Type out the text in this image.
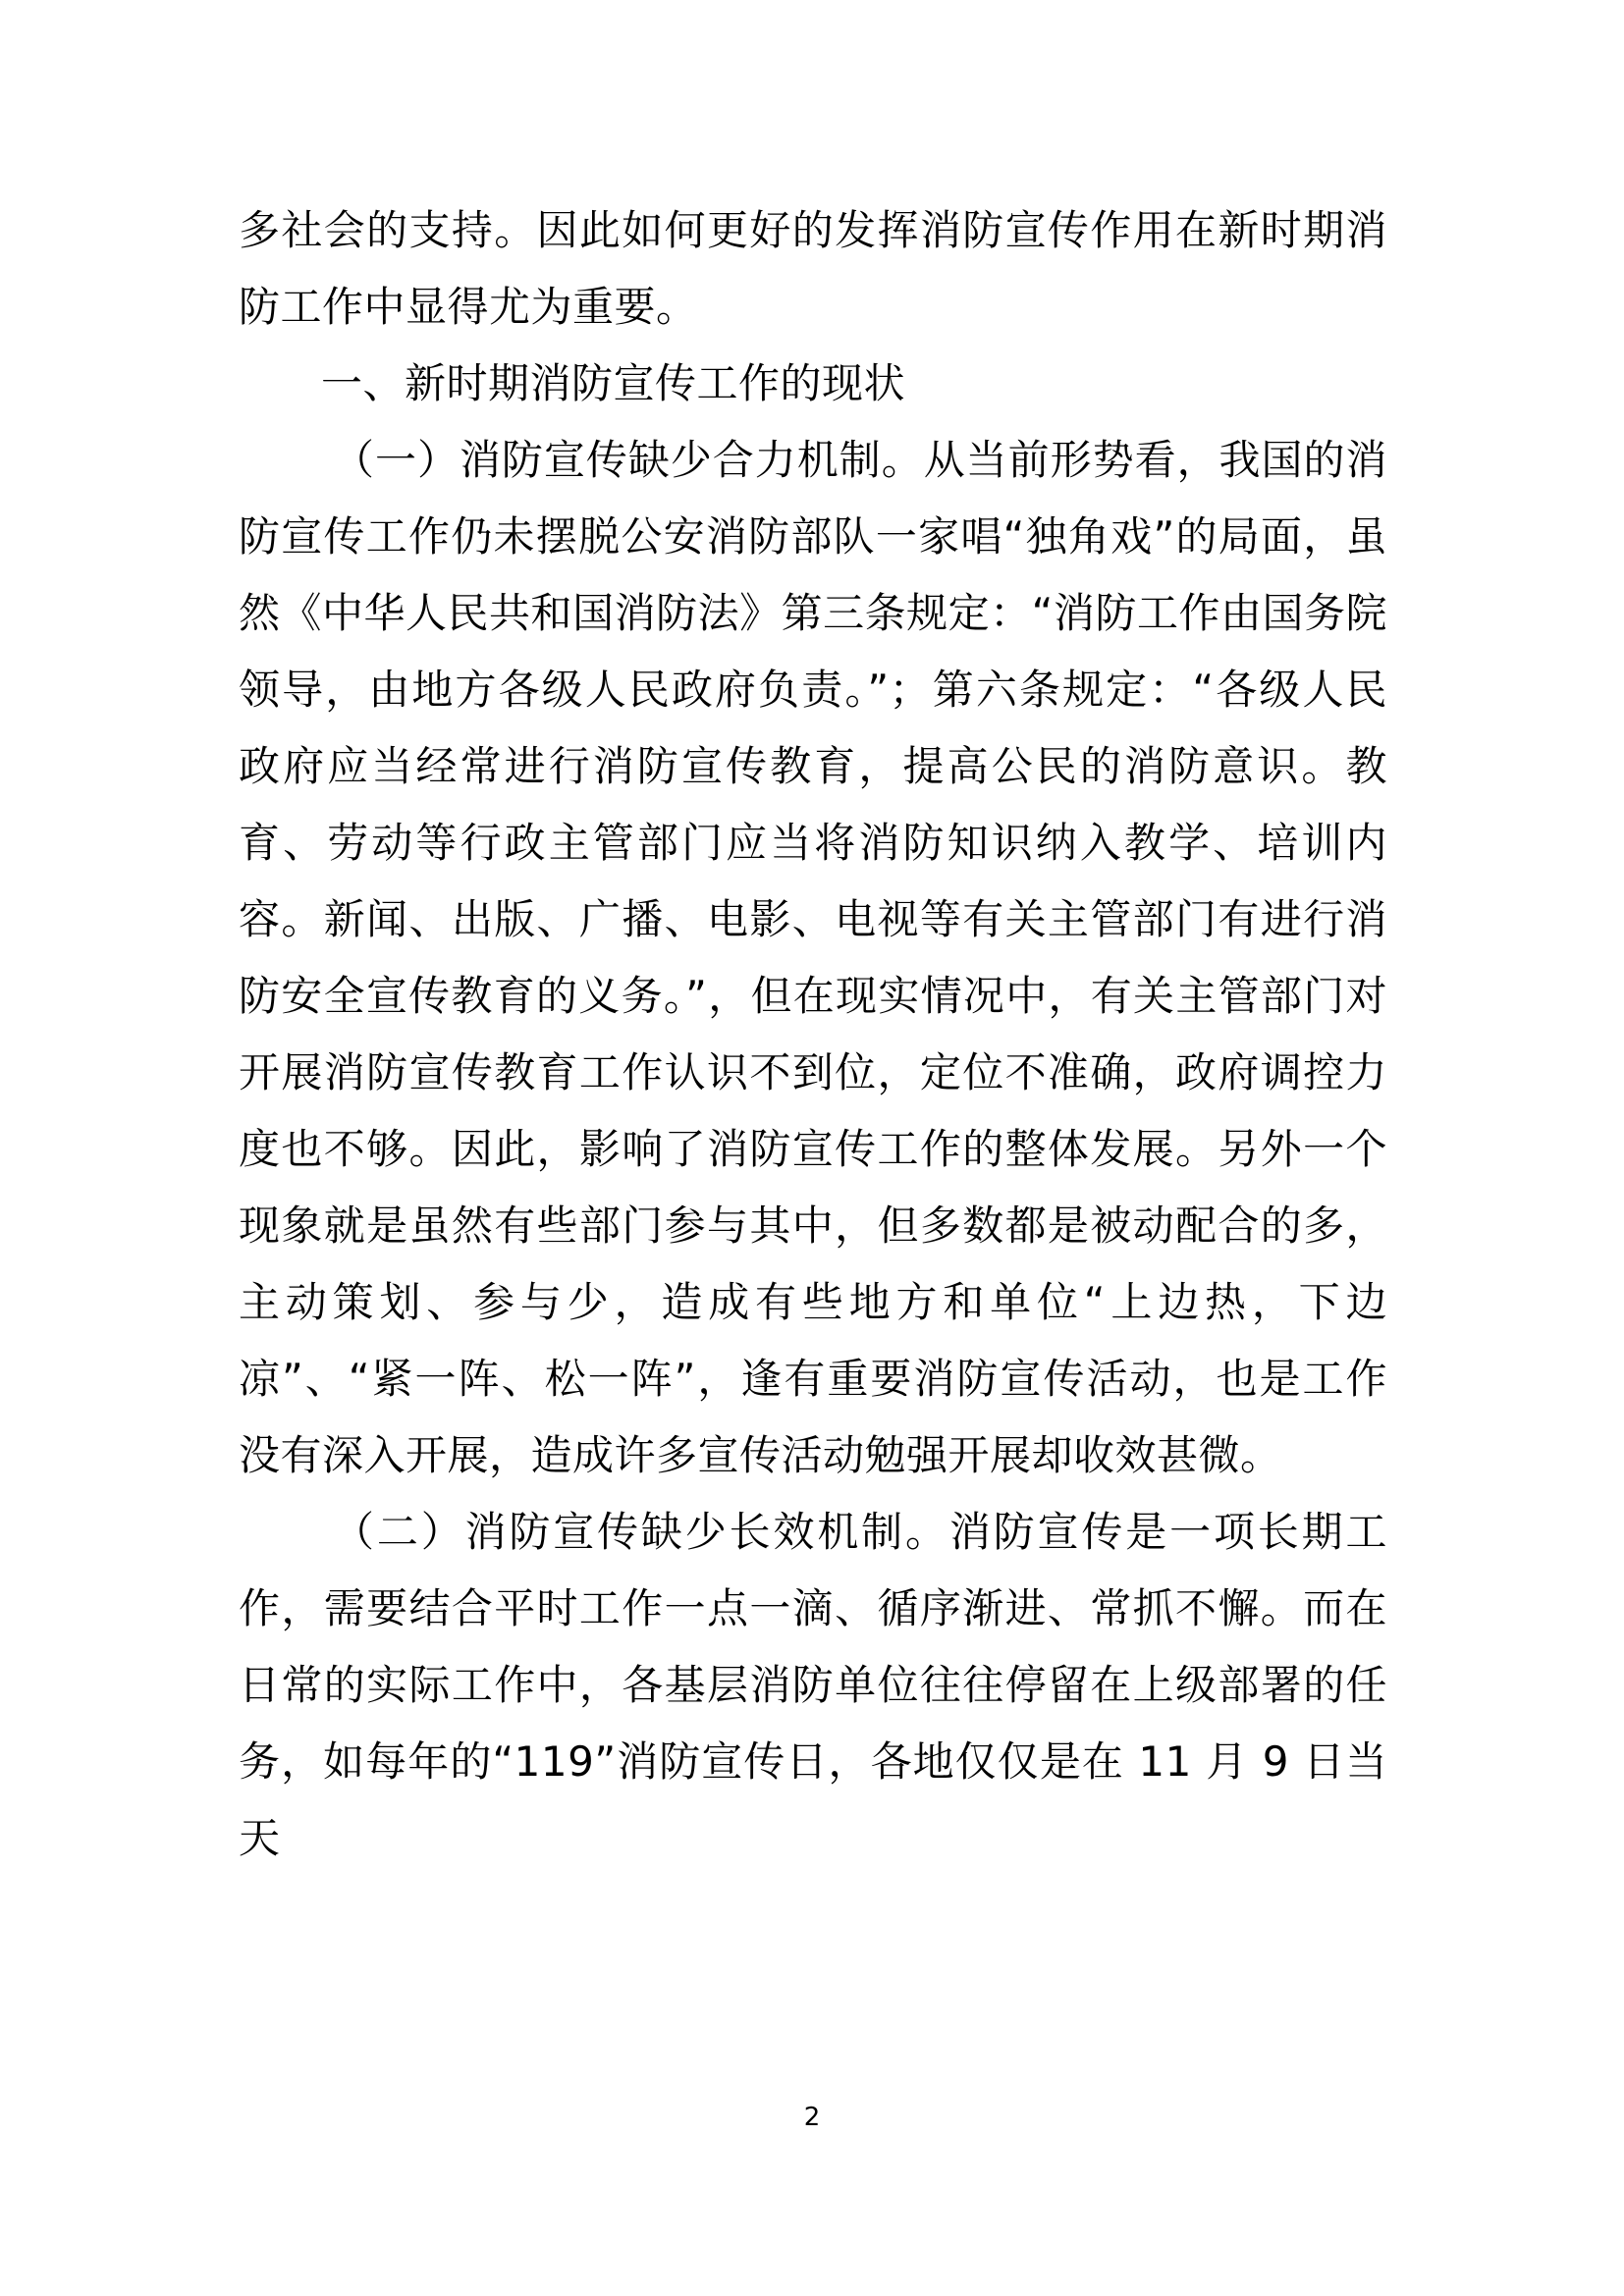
多社会的支持。因此如何更好的发挥消防宣传作用在新时期消防工作中显得尤为重要。

一、新时期消防宣传工作的现状

（一）消防宣传缺少合力机制。从当前形势看，我国的消防宣传工作仍未摆脱公安消防部队一家唱“独角戏”的局面，虽然《中华人民共和国消防法》第三条规定：“消防工作由国务院领导，由地方各级人民政府负责。”；第六条规定：“各级人民政府应当经常进行消防宣传教育，提高公民的消防意识。教育、劳动等行政主管部门应当将消防知识纳入教学、培训内容。新闻、出版、广播、电影、电视等有关主管部门有进行消防安全宣传教育的义务。”，但在现实情况中，有关主管部门对开展消防宣传教育工作认识不到位，定位不准确，政府调控力度也不够。因此，影响了消防宣传工作的整体发展。另外一个现象就是虽然有些部门参与其中，但多数都是被动配合的多，主动策划、参与少，造成有些地方和单位“上边热，下边凉”、“紧一阵、松一阵”，逢有重要消防宣传活动，也是工作没有深入开展，造成许多宣传活动勉强开展却收效甚微。

（二）消防宣传缺少长效机制。消防宣传是一项长期工作，需要结合平时工作一点一滴、循序渐进、常抓不懈。而在日常的实际工作中，各基层消防单位往往停留在上级部署的任务，如每年的“119”消防宣传日，各地仅仅是在 11 月 9 日当天

2
